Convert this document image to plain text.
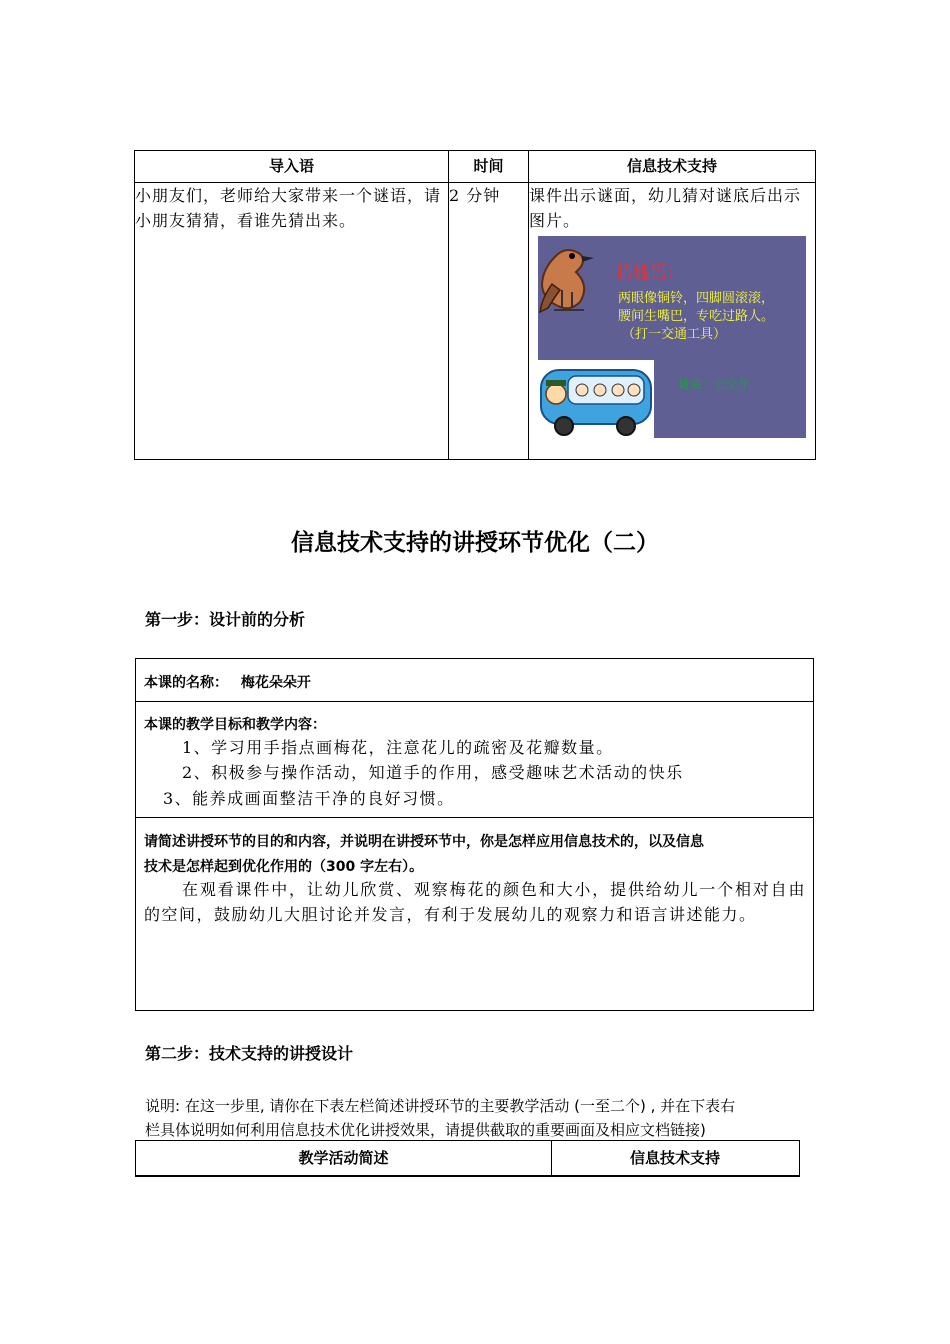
导入语	时间	信息技术支持
小朋友们，老师给大家带来一个谜语，请小朋友猜猜，看谁先猜出来。	2 分钟	课件出示谜面，幼儿猜对谜底后出示图片。
猜谜语：
两眼像铜铃，四脚圆滚滚，
腰间生嘴巴，专吃过路人。
（打一交通工具）
谜底：公交车
信息技术支持的讲授环节优化（二）
第一步：设计前的分析
本课的名称： 梅花朵朵开
本课的教学目标和教学内容：
1、学习用手指点画梅花，注意花儿的疏密及花瓣数量。
2、积极参与操作活动，知道手的作用，感受趣味艺术活动的快乐
3、能养成画面整洁干净的良好习惯。
请简述讲授环节的目的和内容，并说明在讲授环节中，你是怎样应用信息技术的，以及信息
技术是怎样起到优化作用的（300 字左右）。
在观看课件中，让幼儿欣赏、观察梅花的颜色和大小，提供给幼儿一个相对自由的空间，鼓励幼儿大胆讨论并发言，有利于发展幼儿的观察力和语言讲述能力。
第二步：技术支持的讲授设计
说明: 在这一步里, 请你在下表左栏简述讲授环节的主要教学活动 (一至二个) , 并在下表右
栏具体说明如何利用信息技术优化讲授效果，请提供截取的重要画面及相应文档链接)
教学活动简述	信息技术支持
